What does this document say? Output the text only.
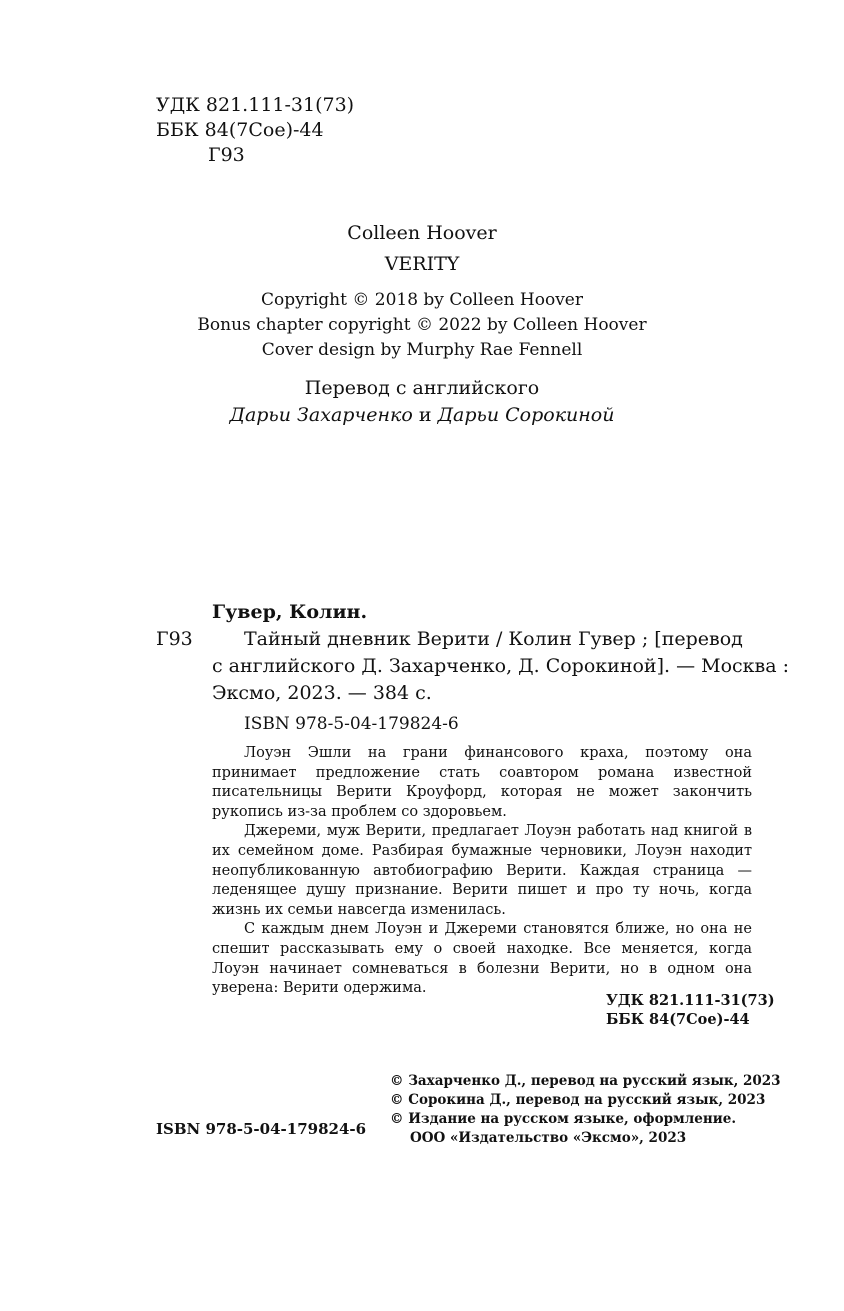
УДК 821.111-31(73)
ББК 84(7Сое)-44
Г93
Colleen Hoover
VERITY
Copyright © 2018 by Colleen Hoover
Bonus chapter copyright © 2022 by Colleen Hoover
Cover design by Murphy Rae Fennell
Перевод с английского
Дарьи Захарченко и Дарьи Сорокиной
Гувер, Колин.
Г93	Тайный дневник Верити / Колин Гувер ; [перевод
с английского Д. Захарченко, Д. Сорокиной]. — Москва :
Эксмо, 2023. — 384 с.
ISBN 978-5-04-179824-6

Лоуэн Эшли на грани финансового краха, поэтому она принимает предложение стать соавтором романа известной писательницы Верити Кроуфорд, которая не может закончить рукопись из-за проблем со здоровьем.

Джереми, муж Верити, предлагает Лоуэн работать над книгой в их семейном доме. Разбирая бумажные черновики, Лоуэн находит неопубликованную автобиографию Верити. Каждая страница — леденящее душу признание. Верити пишет и про ту ночь, когда жизнь их семьи навсегда изменилась.

С каждым днем Лоуэн и Джереми становятся ближе, но она не спешит рассказывать ему о своей находке. Все меняется, когда Лоуэн начинает сомневаться в болезни Верити, но в одном она уверена: Верити одержима.

УДК 821.111-31(73)
ББК 84(7Сое)-44
© Захарченко Д., перевод на русский язык, 2023
© Сорокина Д., перевод на русский язык, 2023
© Издание на русском языке, оформление.
ООО «Издательство «Эксмо», 2023
ISBN 978-5-04-179824-6
